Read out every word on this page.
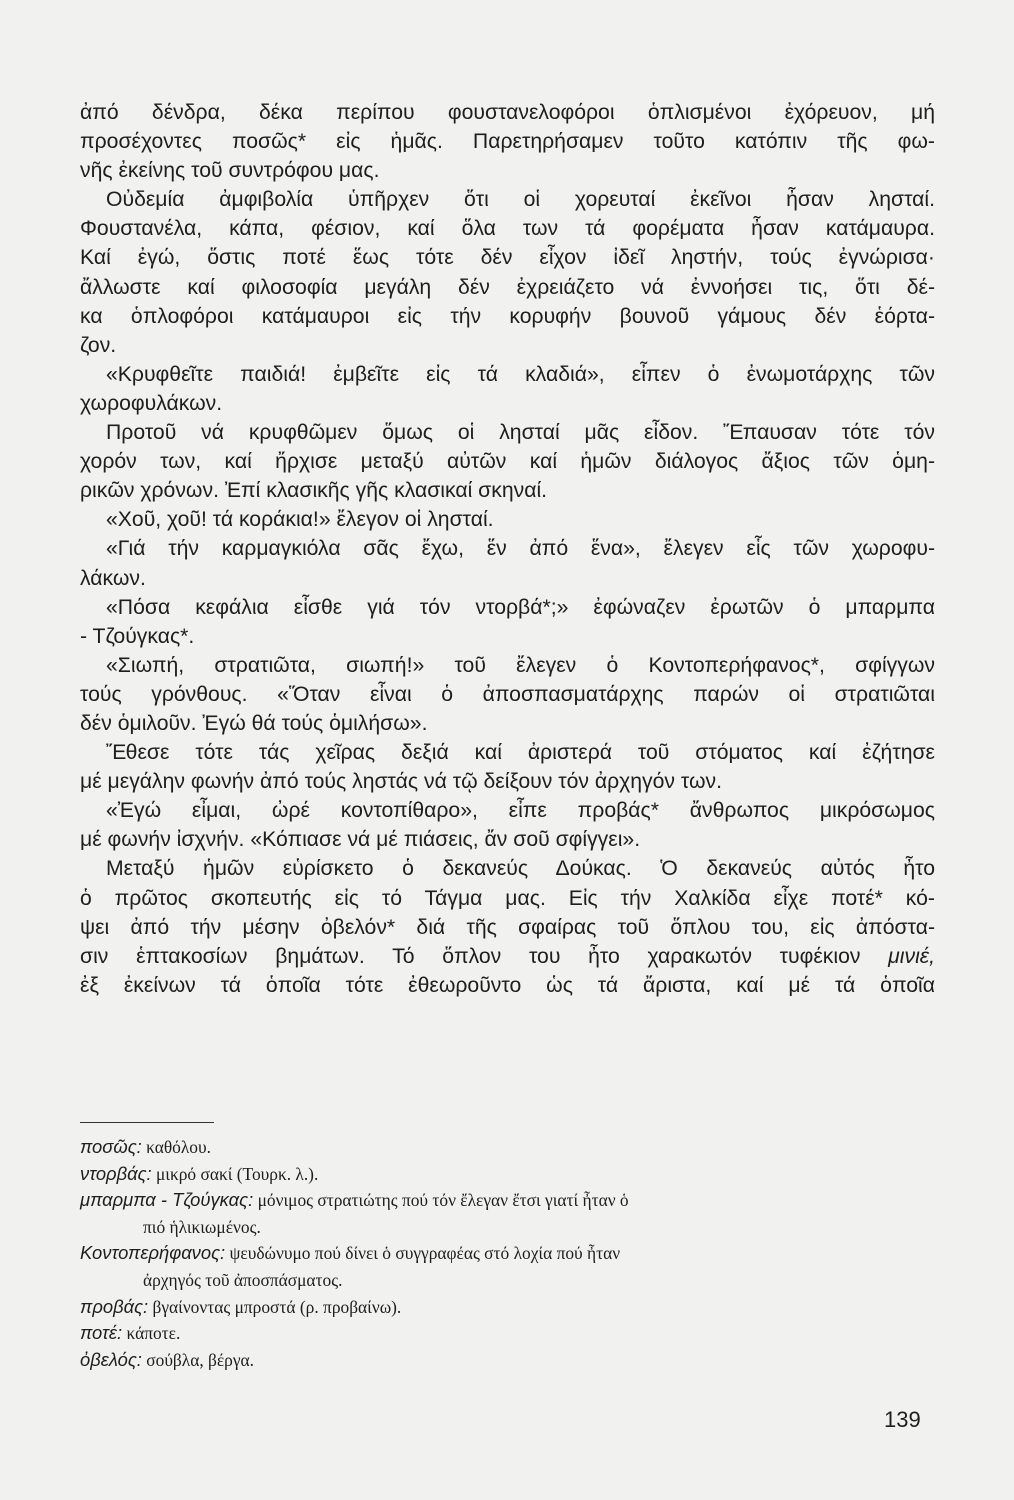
ἀπό δένδρα, δέκα περίπου φουστανελοφόροι ὁπλισμένοι ἐχόρευον, μή
προσέχοντες ποσῶς* εἰς ἡμᾶς. Παρετηρήσαμεν τοῦτο κατόπιν τῆς φω-
νῆς ἐκείνης τοῦ συντρόφου μας.
Οὐδεμία ἀμφιβολία ὑπῆρχεν ὅτι οἱ χορευταί ἐκεῖνοι ἦσαν λησταί.
Φουστανέλα, κάπα, φέσιον, καί ὅλα των τά φορέματα ἦσαν κατάμαυρα.
Καί ἐγώ, ὅστις ποτέ ἕως τότε δέν εἶχον ἰδεῖ ληστήν, τούς ἐγνώρισα·
ἄλλωστε καί φιλοσοφία μεγάλη δέν ἐχρειάζετο νά ἐννοήσει τις, ὅτι δέ-
κα ὁπλοφόροι κατάμαυροι εἰς τήν κορυφήν βουνοῦ γάμους δέν ἑόρτα-
ζον.
«Κρυφθεῖτε παιδιά! ἐμβεῖτε εἰς τά κλαδιά», εἶπεν ὁ ἐνωμοτάρχης τῶν
χωροφυλάκων.
Προτοῦ νά κρυφθῶμεν ὅμως οἱ λησταί μᾶς εἶδον. Ἔπαυσαν τότε τόν
χορόν των, καί ἤρχισε μεταξύ αὐτῶν καί ἡμῶν διάλογος ἄξιος τῶν ὁμη-
ρικῶν χρόνων. Ἐπί κλασικῆς γῆς κλασικαί σκηναί.
«Χοῦ, χοῦ! τά κοράκια!» ἔλεγον οἱ λησταί.
«Γιά τήν καρμαγκιόλα σᾶς ἔχω, ἕν ἀπό ἕνα», ἔλεγεν εἷς τῶν χωροφυ-
λάκων.
«Πόσα κεφάλια εἶσθε γιά τόν ντορβά*;» ἐφώναζεν ἐρωτῶν ὁ μπαρμπα
- Τζούγκας*.
«Σιωπή, στρατιῶτα, σιωπή!» τοῦ ἔλεγεν ὁ Κοντοπερήφανος*, σφίγγων
τούς γρόνθους. «Ὅταν εἶναι ὁ ἀποσπασματάρχης παρών οἱ στρατιῶται
δέν ὁμιλοῦν. Ἐγώ θά τούς ὁμιλήσω».
Ἔθεσε τότε τάς χεῖρας δεξιά καί ἀριστερά τοῦ στόματος καί ἐζήτησε
μέ μεγάλην φωνήν ἀπό τούς ληστάς νά τῷ δείξουν τόν ἀρχηγόν των.
«Ἐγώ εἶμαι, ὠρέ κοντοπίθαρο», εἶπε προβάς* ἄνθρωπος μικρόσωμος
μέ φωνήν ἰσχνήν. «Κόπιασε νά μέ πιάσεις, ἄν σοῦ σφίγγει».
Μεταξύ ἡμῶν εὑρίσκετο ὁ δεκανεύς Δούκας. Ὁ δεκανεύς αὐτός ἦτο
ὁ πρῶτος σκοπευτής εἰς τό Τάγμα μας. Εἰς τήν Χαλκίδα εἶχε ποτέ* κό-
ψει ἀπό τήν μέσην ὀβελόν* διά τῆς σφαίρας τοῦ ὅπλου του, εἰς ἀπόστα-
σιν ἑπτακοσίων βημάτων. Τό ὅπλον του ἦτο χαρακωτόν τυφέκιον μινιέ,
ἐξ ἐκείνων τά ὁποῖα τότε ἐθεωροῦντο ὡς τά ἄριστα, καί μέ τά ὁποῖα
ποσῶς: καθόλου.
ντορβάς: μικρό σακί (Τουρκ. λ.).
μπαρμπα - Τζούγκας: μόνιμος στρατιώτης πού τόν ἔλεγαν ἔτσι γιατί ἦταν ὁ
πιό ἡλικιωμένος.
Κοντοπερήφανος: ψευδώνυμο πού δίνει ὁ συγγραφέας στό λοχία πού ἦταν
ἀρχηγός τοῦ ἀποσπάσματος.
προβάς: βγαίνοντας μπροστά (ρ. προβαίνω).
ποτέ: κάποτε.
ὀβελός: σούβλα, βέργα.
139
